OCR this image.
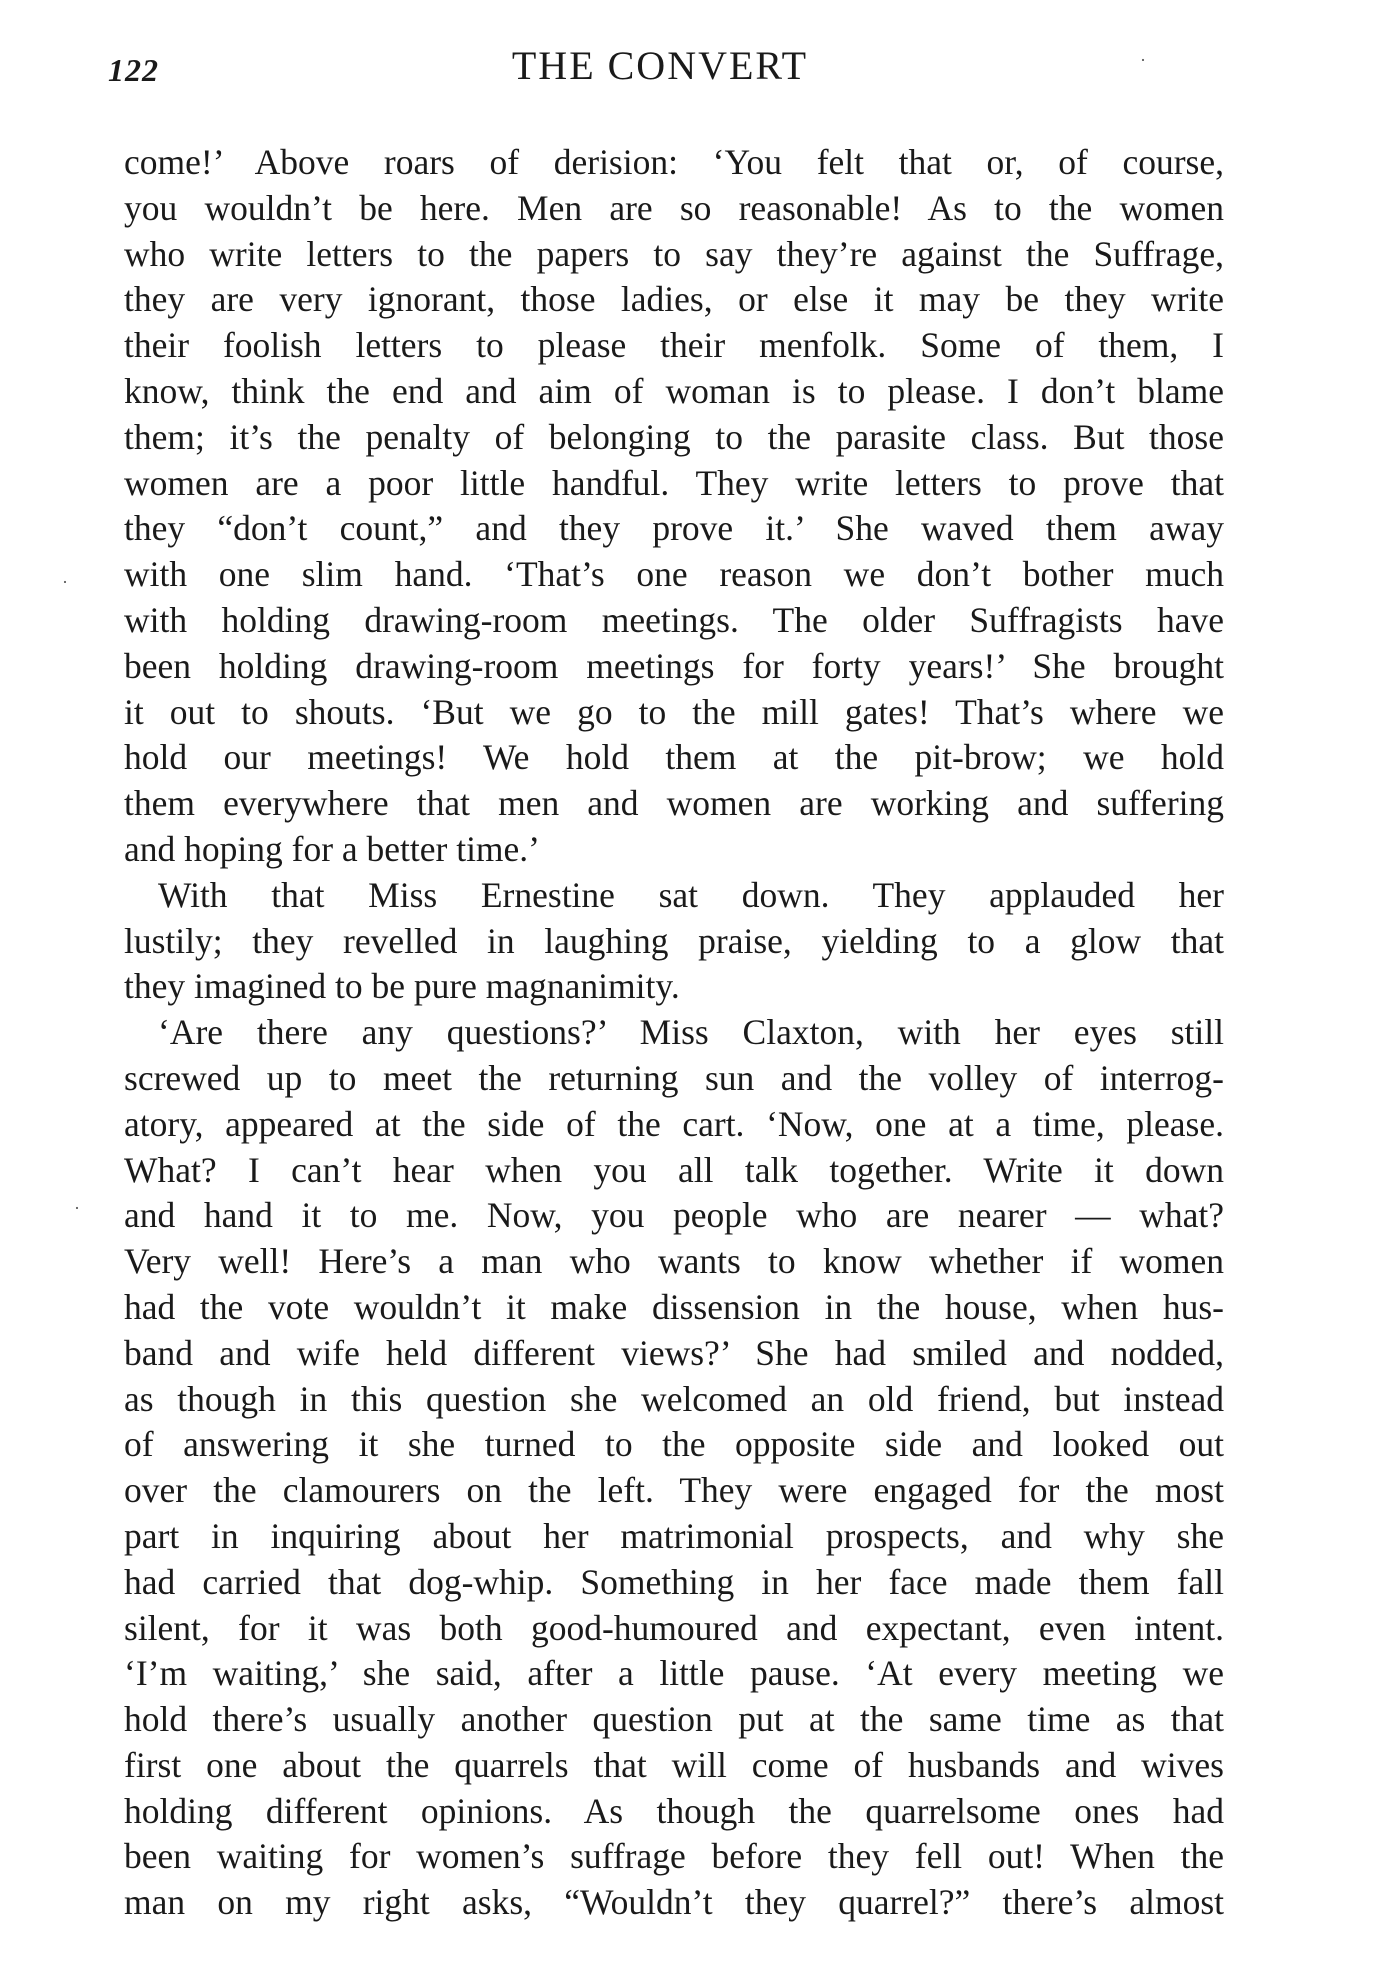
122	THE CONVERT
come!’ Above roars of derision: ‘You felt that or, of course,
you wouldn’t be here. Men are so reasonable! As to the women
who write letters to the papers to say they’re against the Suffrage,
they are very ignorant, those ladies, or else it may be they write
their foolish letters to please their menfolk. Some of them, I
know, think the end and aim of woman is to please. I don’t blame
them; it’s the penalty of belonging to the parasite class. But those
women are a poor little handful. They write letters to prove that
they “don’t count,” and they prove it.’ She waved them away
with one slim hand. ‘That’s one reason we don’t bother much
with holding drawing-room meetings. The older Suffragists have
been holding drawing-room meetings for forty years!’ She brought
it out to shouts. ‘But we go to the mill gates! That’s where we
hold our meetings! We hold them at the pit-brow; we hold
them everywhere that men and women are working and suffering
and hoping for a better time.’
With that Miss Ernestine sat down. They applauded her
lustily; they revelled in laughing praise, yielding to a glow that
they imagined to be pure magnanimity.
‘Are there any questions?’ Miss Claxton, with her eyes still
screwed up to meet the returning sun and the volley of interrog-
atory, appeared at the side of the cart. ‘Now, one at a time, please.
What? I can’t hear when you all talk together. Write it down
and hand it to me. Now, you people who are nearer — what?
Very well! Here’s a man who wants to know whether if women
had the vote wouldn’t it make dissension in the house, when hus-
band and wife held different views?’ She had smiled and nodded,
as though in this question she welcomed an old friend, but instead
of answering it she turned to the opposite side and looked out
over the clamourers on the left. They were engaged for the most
part in inquiring about her matrimonial prospects, and why she
had carried that dog-whip. Something in her face made them fall
silent, for it was both good-humoured and expectant, even intent.
‘I’m waiting,’ she said, after a little pause. ‘At every meeting we
hold there’s usually another question put at the same time as that
first one about the quarrels that will come of husbands and wives
holding different opinions. As though the quarrelsome ones had
been waiting for women’s suffrage before they fell out! When the
man on my right asks, “Wouldn’t they quarrel?” there’s almost
·
·
·
